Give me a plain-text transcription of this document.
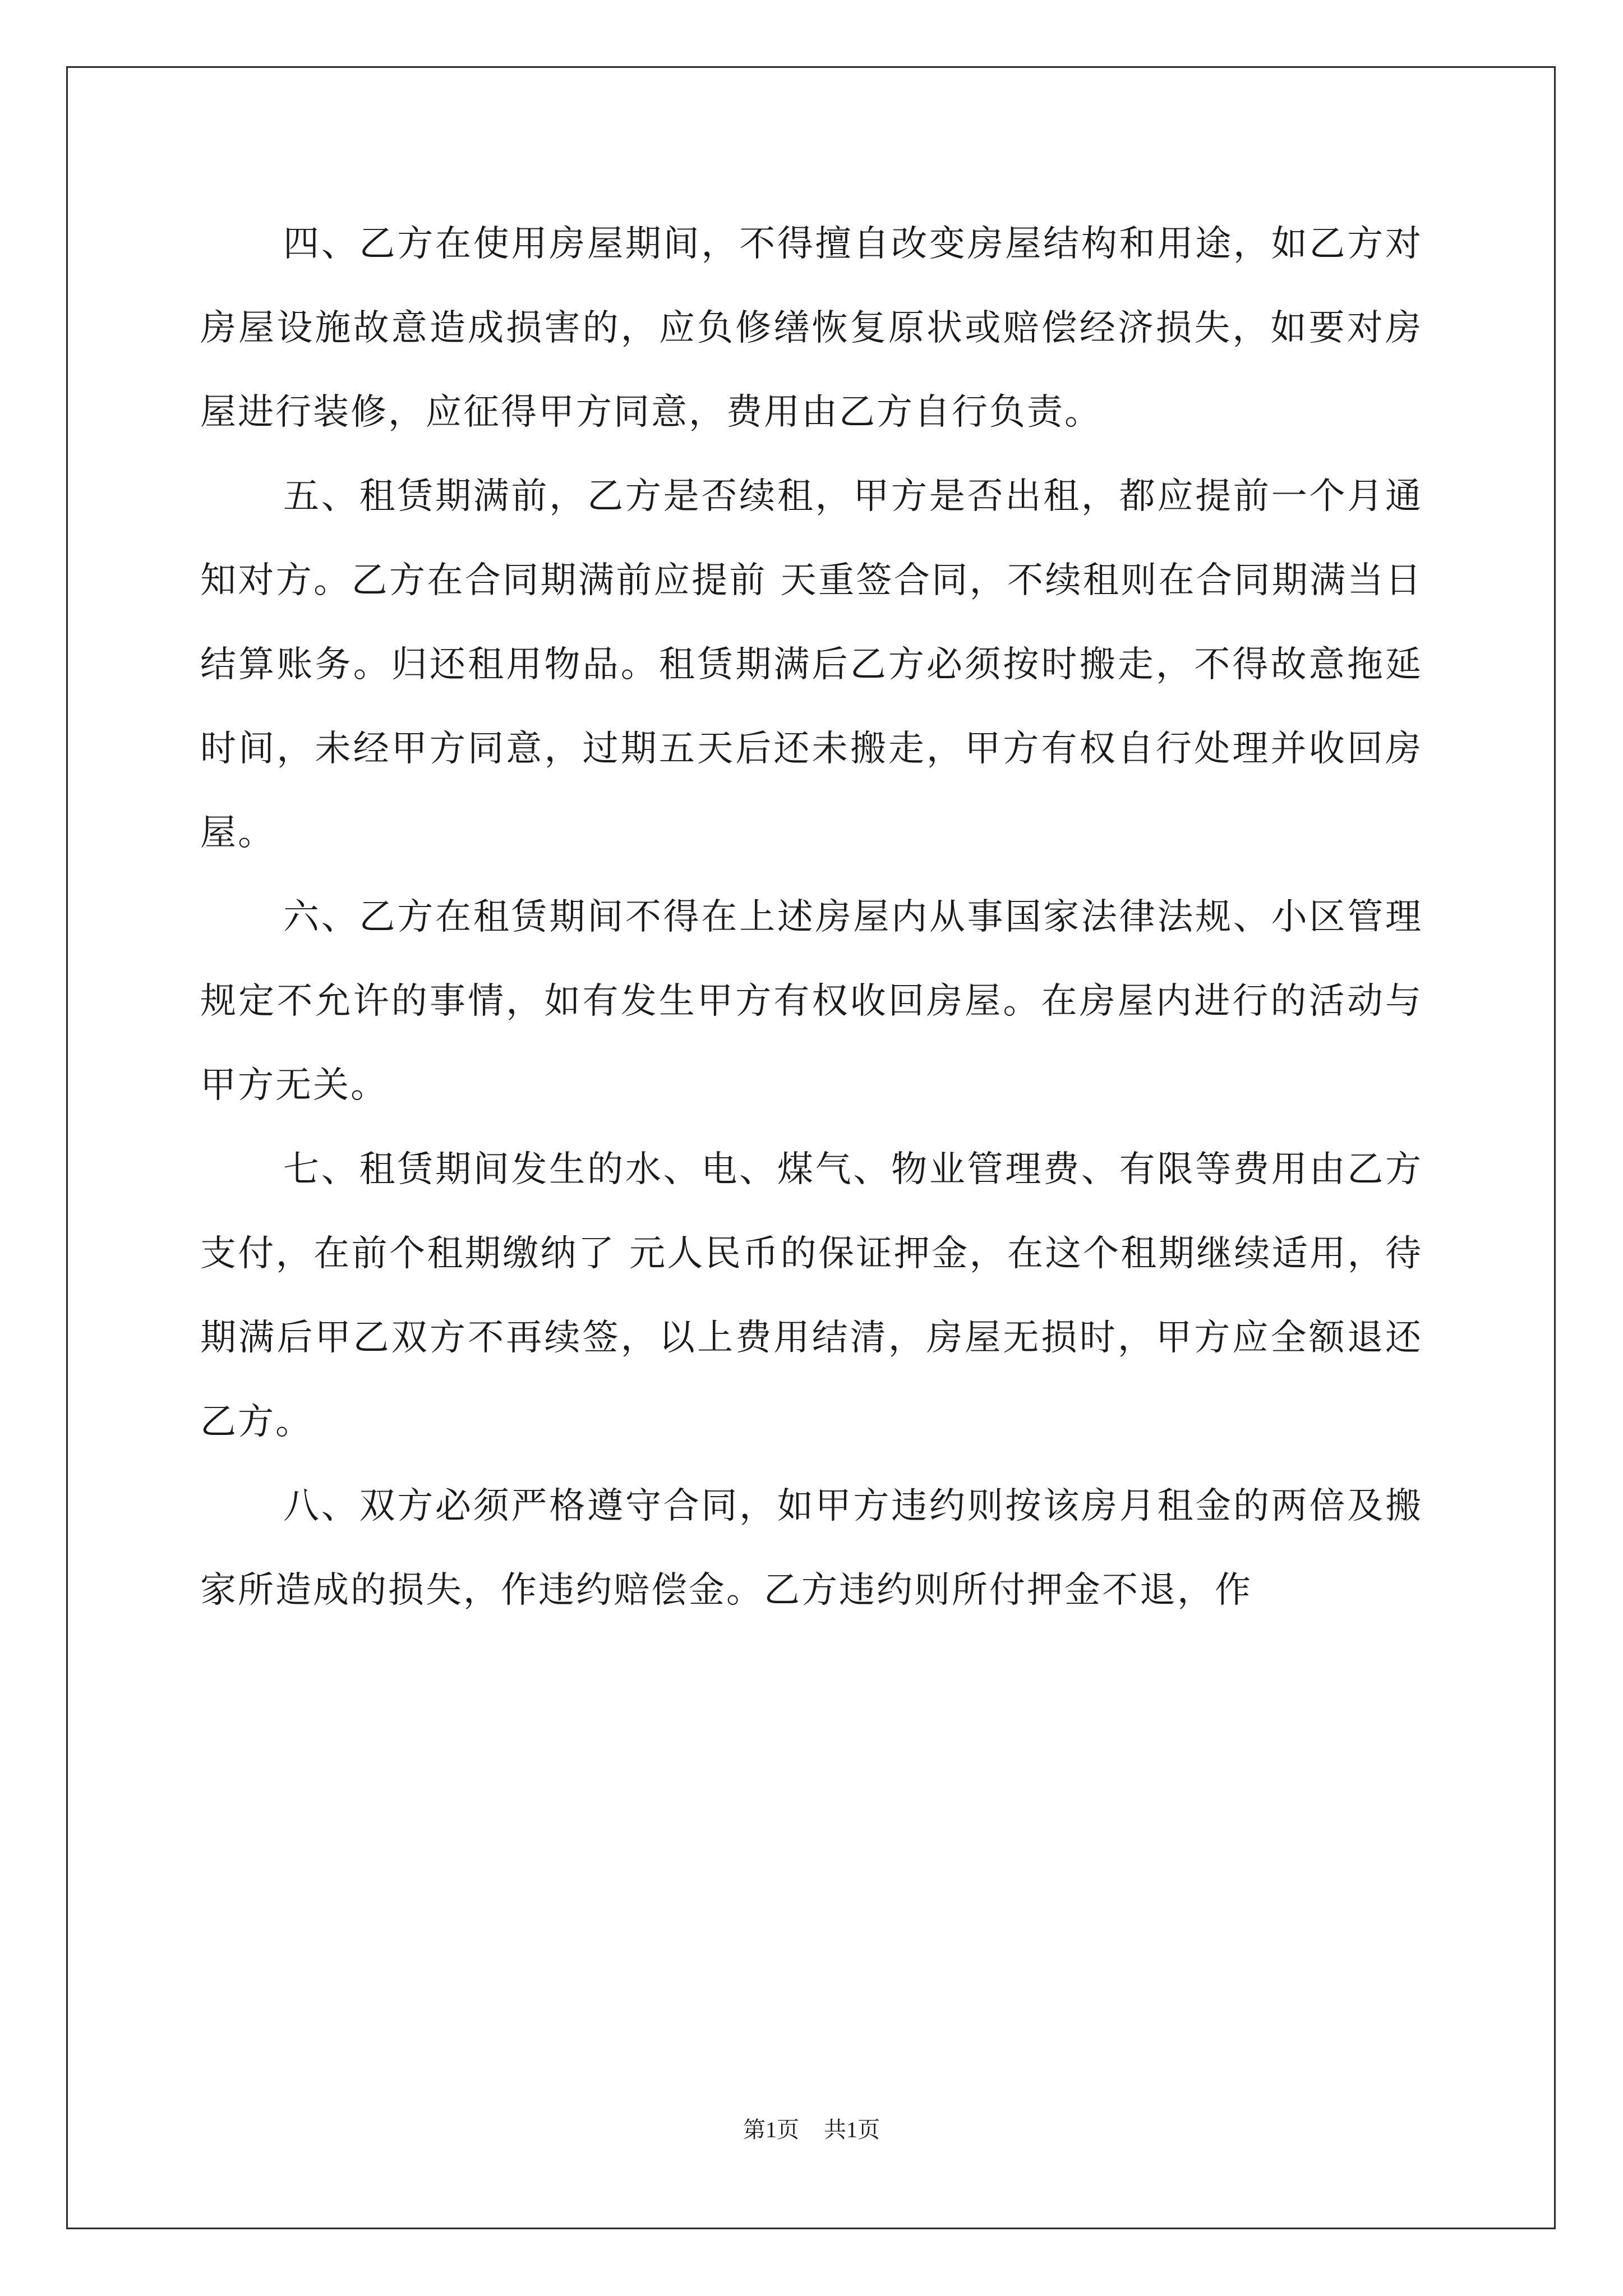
四、乙方在使用房屋期间，不得擅自改变房屋结构和用途，如乙方对房屋设施故意造成损害的，应负修缮恢复原状或赔偿经济损失，如要对房屋进行装修，应征得甲方同意，费用由乙方自行负责。

五、租赁期满前，乙方是否续租，甲方是否出租，都应提前一个月通知对方。乙方在合同期满前应提前 天重签合同，不续租则在合同期满当日结算账务。归还租用物品。租赁期满后乙方必须按时搬走，不得故意拖延时间，未经甲方同意，过期五天后还未搬走，甲方有权自行处理并收回房屋。

六、乙方在租赁期间不得在上述房屋内从事国家法律法规、小区管理规定不允许的事情，如有发生甲方有权收回房屋。在房屋内进行的活动与甲方无关。

七、租赁期间发生的水、电、煤气、物业管理费、有限等费用由乙方支付，在前个租期缴纳了 元人民币的保证押金，在这个租期继续适用，待期满后甲乙双方不再续签，以上费用结清，房屋无损时，甲方应全额退还乙方。

八、双方必须严格遵守合同，如甲方违约则按该房月租金的两倍及搬家所造成的损失，作违约赔偿金。乙方违约则所付押金不退，作

第1页 共1页
